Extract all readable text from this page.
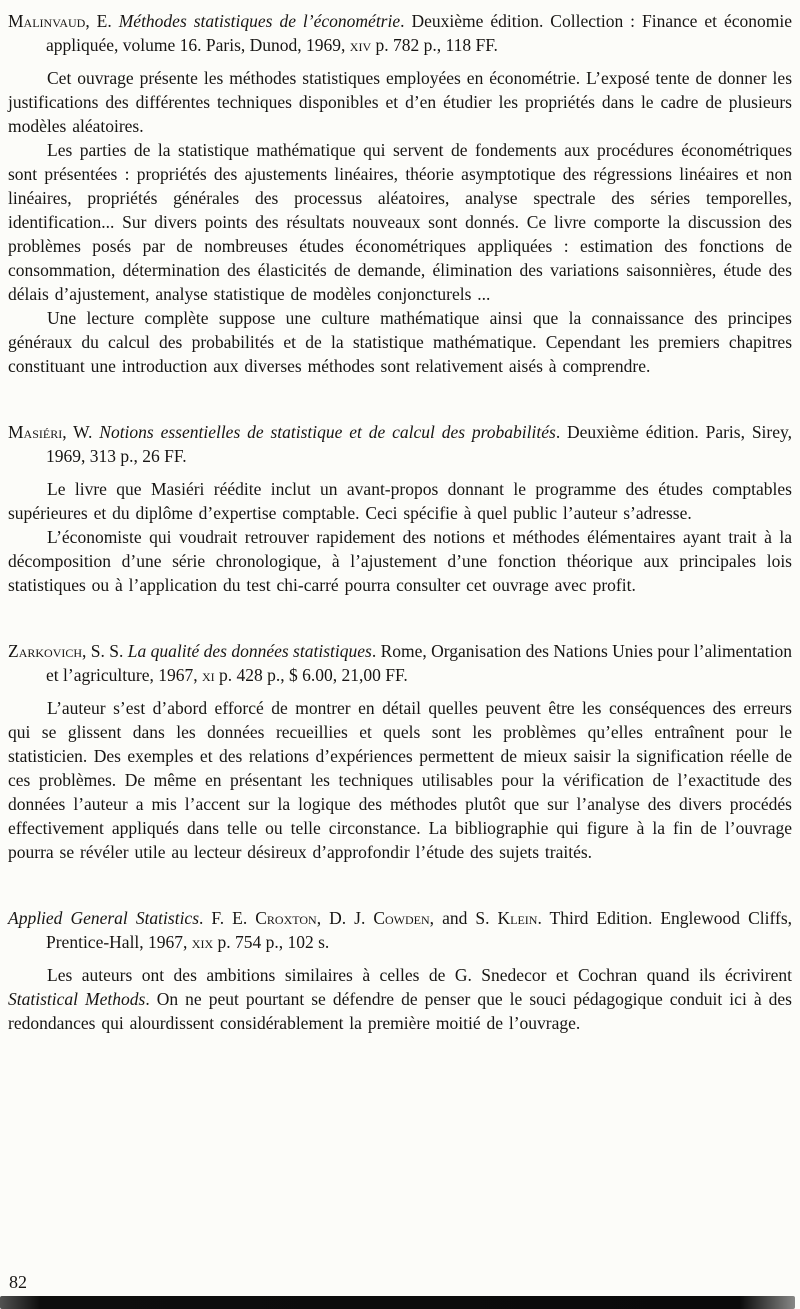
Malinvaud, E. Méthodes statistiques de l’économétrie. Deuxième édition. Collection : Finance et économie appliquée, volume 16. Paris, Dunod, 1969, xiv p. 782 p., 118 FF.

Cet ouvrage présente les méthodes statistiques employées en économétrie. L’exposé tente de donner les justifications des différentes techniques disponibles et d’en étudier les propriétés dans le cadre de plusieurs modèles aléatoires.

Les parties de la statistique mathématique qui servent de fondements aux procédures économétriques sont présentées : propriétés des ajustements linéaires, théorie asymptotique des régressions linéaires et non linéaires, propriétés générales des processus aléatoires, analyse spectrale des séries temporelles, identification... Sur divers points des résultats nouveaux sont donnés. Ce livre comporte la discussion des problèmes posés par de nombreuses études économétriques appliquées : estimation des fonctions de consommation, détermination des élasticités de demande, élimination des variations saisonnières, étude des délais d’ajustement, analyse statistique de modèles conjoncturels ...

Une lecture complète suppose une culture mathématique ainsi que la connaissance des principes généraux du calcul des probabilités et de la statistique mathématique. Cependant les premiers chapitres constituant une introduction aux diverses méthodes sont relativement aisés à comprendre.

Masiéri, W. Notions essentielles de statistique et de calcul des probabilités. Deuxième édition. Paris, Sirey, 1969, 313 p., 26 FF.

Le livre que Masiéri réédite inclut un avant-propos donnant le programme des études comptables supérieures et du diplôme d’expertise comptable. Ceci spécifie à quel public l’auteur s’adresse.

L’économiste qui voudrait retrouver rapidement des notions et méthodes élémentaires ayant trait à la décomposition d’une série chronologique, à l’ajustement d’une fonction théorique aux principales lois statistiques ou à l’application du test chi-carré pourra consulter cet ouvrage avec profit.

Zarkovich, S. S. La qualité des données statistiques. Rome, Organisation des Nations Unies pour l’alimentation et l’agriculture, 1967, xi p. 428 p., $ 6.00, 21,00 FF.

L’auteur s’est d’abord efforcé de montrer en détail quelles peuvent être les conséquences des erreurs qui se glissent dans les données recueillies et quels sont les problèmes qu’elles entraînent pour le statisticien. Des exemples et des relations d’expériences permettent de mieux saisir la signification réelle de ces problèmes. De même en présentant les techniques utilisables pour la vérification de l’exactitude des données l’auteur a mis l’accent sur la logique des méthodes plutôt que sur l’analyse des divers procédés effectivement appliqués dans telle ou telle circonstance. La bibliographie qui figure à la fin de l’ouvrage pourra se révéler utile au lecteur désireux d’approfondir l’étude des sujets traités.

Applied General Statistics. F. E. Croxton, D. J. Cowden, and S. Klein. Third Edition. Englewood Cliffs, Prentice-Hall, 1967, xix p. 754 p., 102 s.

Les auteurs ont des ambitions similaires à celles de G. Snedecor et Cochran quand ils écrivirent Statistical Methods. On ne peut pourtant se défendre de penser que le souci pédagogique conduit ici à des redondances qui alourdissent considérablement la première moitié de l’ouvrage.

82
